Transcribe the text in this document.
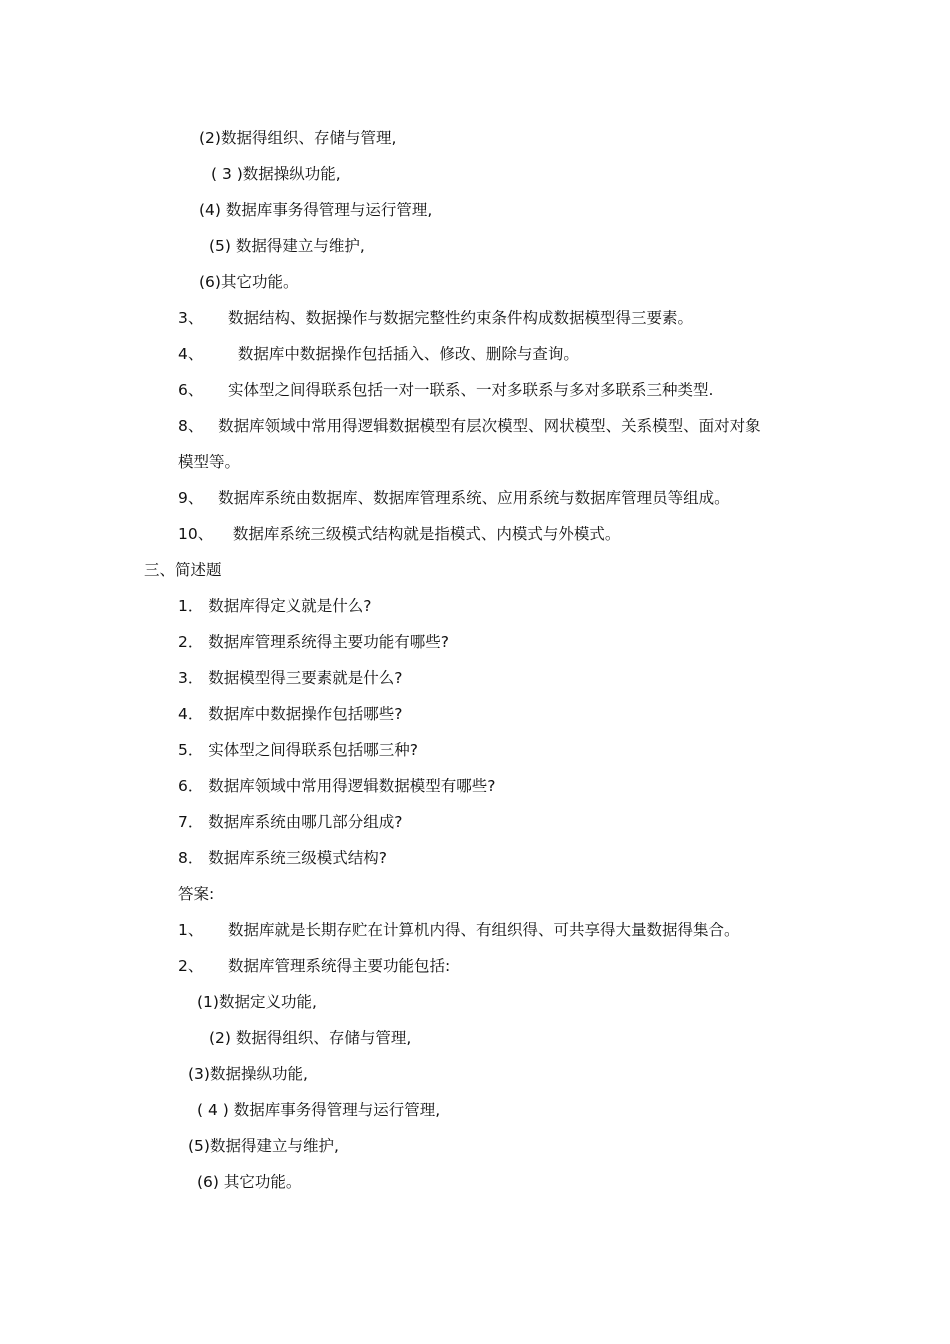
(2)数据得组织、存储与管理,
( 3 )数据操纵功能,
(4) 数据库事务得管理与运行管理,
(5) 数据得建立与维护,
(6)其它功能。
3、     数据结构、数据操作与数据完整性约束条件构成数据模型得三要素。
4、       数据库中数据操作包括插入、修改、删除与查询。
6、     实体型之间得联系包括一对一联系、一对多联系与多对多联系三种类型.
8、   数据库领域中常用得逻辑数据模型有层次模型、网状模型、关系模型、面对对象
模型等。
9、   数据库系统由数据库、数据库管理系统、应用系统与数据库管理员等组成。
10、    数据库系统三级模式结构就是指模式、内模式与外模式。
三、简述题
1． 数据库得定义就是什么?
2． 数据库管理系统得主要功能有哪些?
3． 数据模型得三要素就是什么?
4． 数据库中数据操作包括哪些?
5． 实体型之间得联系包括哪三种?
6． 数据库领域中常用得逻辑数据模型有哪些?
7． 数据库系统由哪几部分组成?
8． 数据库系统三级模式结构?
答案:
1、     数据库就是长期存贮在计算机内得、有组织得、可共享得大量数据得集合。
2、     数据库管理系统得主要功能包括:
(1)数据定义功能,
(2) 数据得组织、存储与管理,
(3)数据操纵功能,
( 4 ) 数据库事务得管理与运行管理,
(5)数据得建立与维护,
(6) 其它功能。
